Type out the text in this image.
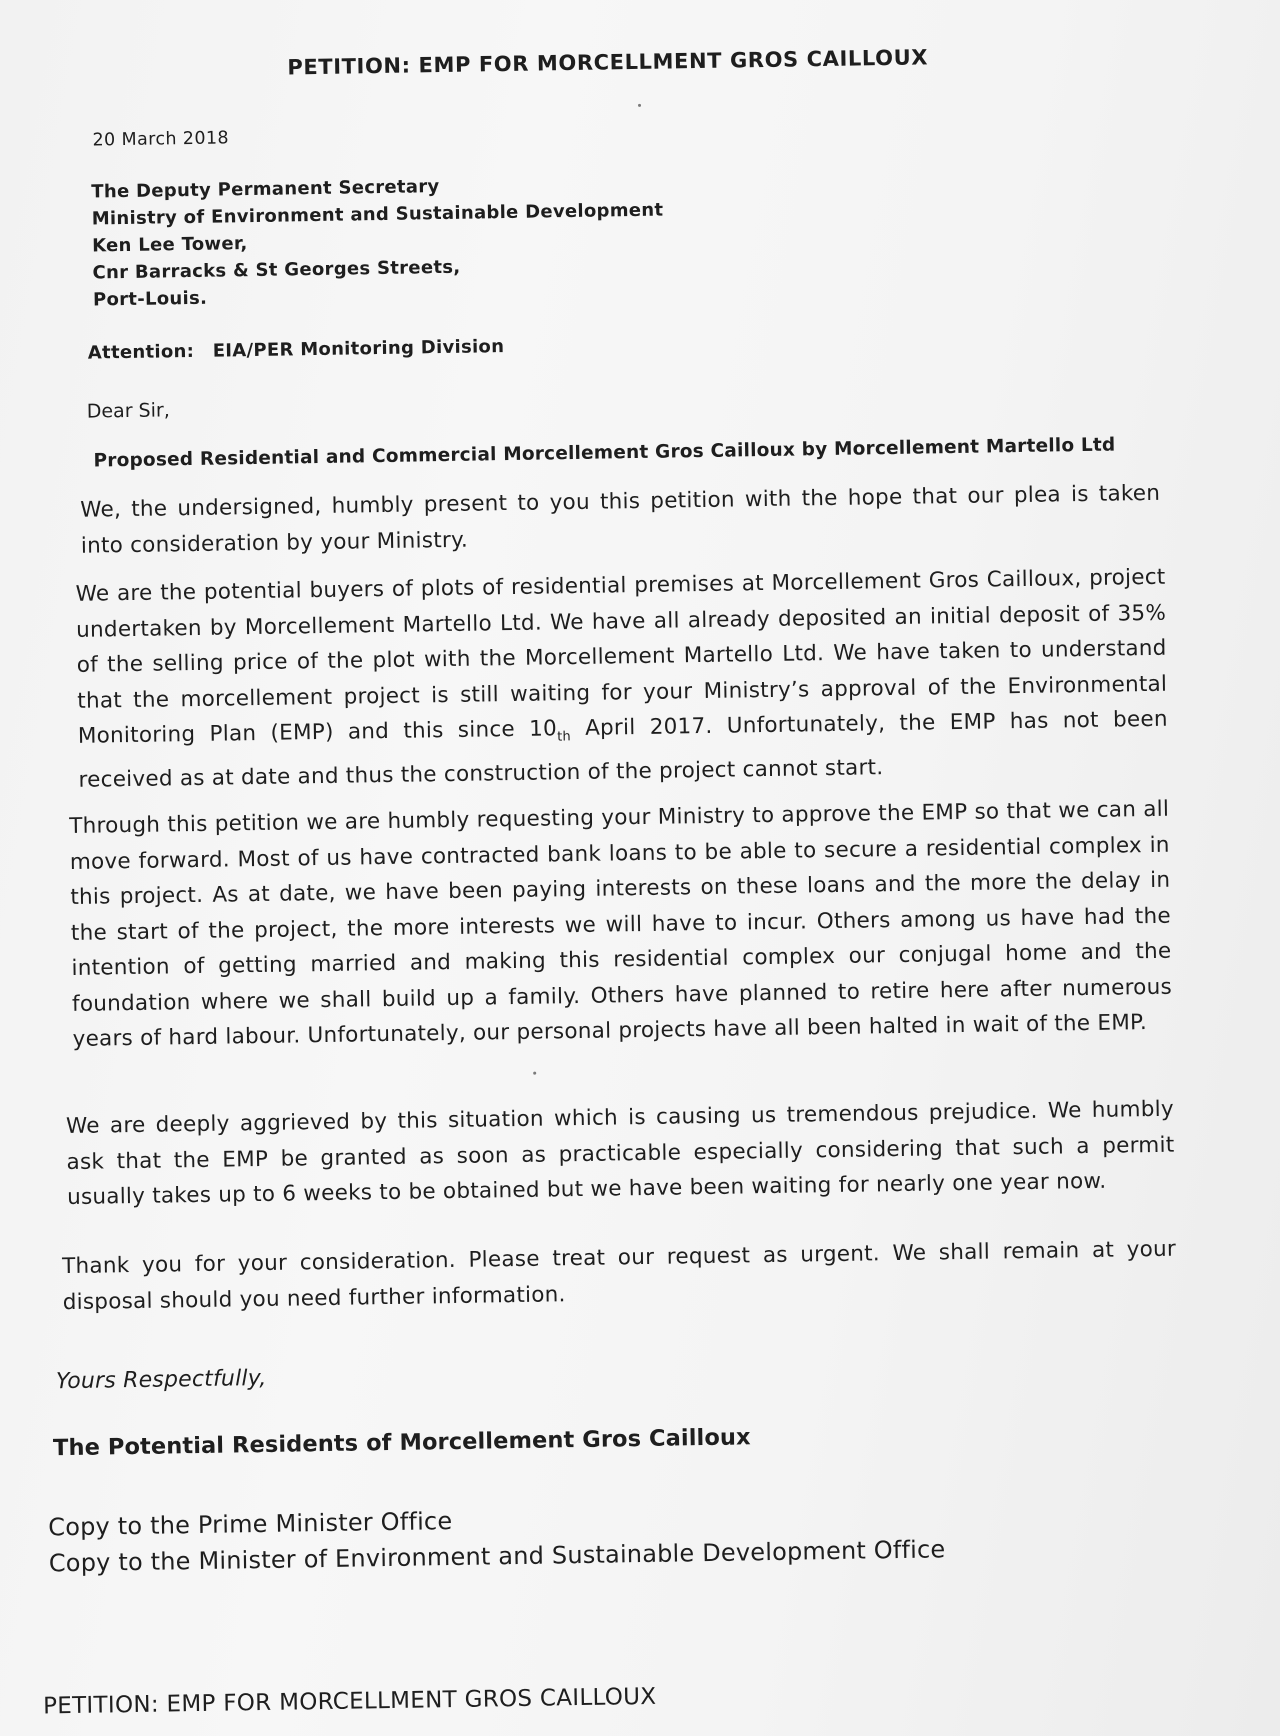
PETITION: EMP FOR MORCELLMENT GROS CAILLOUX
20 March 2018
The Deputy Permanent Secretary
Ministry of Environment and Sustainable Development
Ken Lee Tower,
Cnr Barracks & St Georges Streets,
Port-Louis.
Attention: EIA/PER Monitoring Division
Dear Sir,
Proposed Residential and Commercial Morcellement Gros Cailloux by Morcellement Martello Ltd
We, the undersigned, humbly present to you this petition with the hope that our plea is taken into consideration by your Ministry.
We are the potential buyers of plots of residential premises at Morcellement Gros Cailloux, project undertaken by Morcellement Martello Ltd. We have all already deposited an initial deposit of 35% of the selling price of the plot with the Morcellement Martello Ltd. We have taken to understand that the morcellement project is still waiting for your Ministry’s approval of the Environmental Monitoring Plan (EMP) and this since $10_{th}$ April 2017. Unfortunately, the EMP has not been received as at date and thus the construction of the project cannot start.
Through this petition we are humbly requesting your Ministry to approve the EMP so that we can all move forward. Most of us have contracted bank loans to be able to secure a residential complex in this project. As at date, we have been paying interests on these loans and the more the delay in the start of the project, the more interests we will have to incur. Others among us have had the intention of getting married and making this residential complex our conjugal home and the foundation where we shall build up a family. Others have planned to retire here after numerous years of hard labour. Unfortunately, our personal projects have all been halted in wait of the EMP.
We are deeply aggrieved by this situation which is causing us tremendous prejudice. We humbly ask that the EMP be granted as soon as practicable especially considering that such a permit usually takes up to 6 weeks to be obtained but we have been waiting for nearly one year now.
Thank you for your consideration. Please treat our request as urgent. We shall remain at your disposal should you need further information.
Yours Respectfully,
The Potential Residents of Morcellement Gros Cailloux
Copy to the Prime Minister Office
Copy to the Minister of Environment and Sustainable Development Office
PETITION: EMP FOR MORCELLMENT GROS CAILLOUX
